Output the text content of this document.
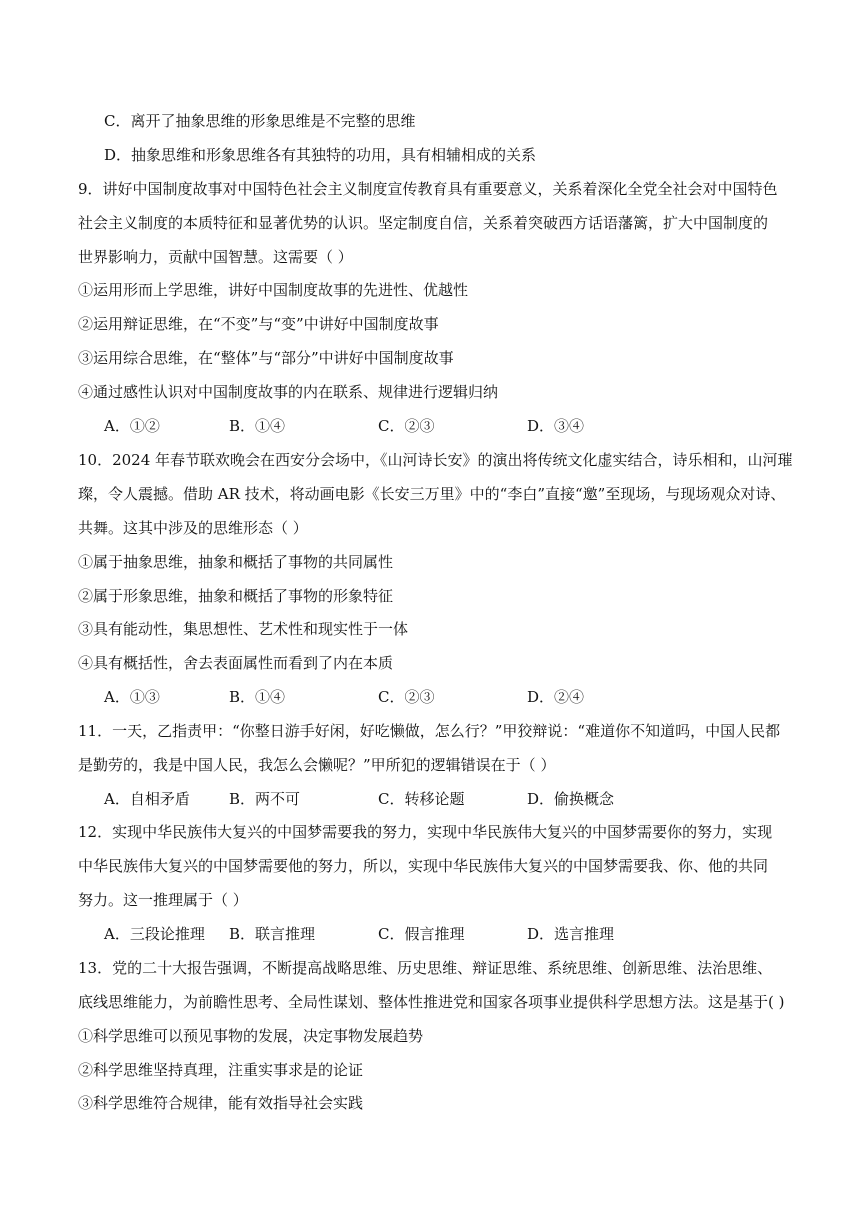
C．离开了抽象思维的形象思维是不完整的思维
D．抽象思维和形象思维各有其独特的功用，具有相辅相成的关系
9．讲好中国制度故事对中国特色社会主义制度宣传教育具有重要意义，关系着深化全党全社会对中国特色
社会主义制度的本质特征和显著优势的认识。坚定制度自信，关系着突破西方话语藩篱，扩大中国制度的
世界影响力，贡献中国智慧。这需要（ ）
①运用形而上学思维，讲好中国制度故事的先进性、优越性
②运用辩证思维，在“不变”与“变”中讲好中国制度故事
③运用综合思维，在“整体”与“部分”中讲好中国制度故事
④通过感性认识对中国制度故事的内在联系、规律进行逻辑归纳
A．①②	B．①④	C．②③	D．③④
10．2024 年春节联欢晚会在西安分会场中，《山河诗长安》的演出将传统文化虚实结合，诗乐相和，山河璀
璨，令人震撼。借助 AR 技术，将动画电影《长安三万里》中的“李白”直接“邀”至现场，与现场观众对诗、
共舞。这其中涉及的思维形态（ ）
①属于抽象思维，抽象和概括了事物的共同属性
②属于形象思维，抽象和概括了事物的形象特征
③具有能动性，集思想性、艺术性和现实性于一体
④具有概括性，舍去表面属性而看到了内在本质
A．①③	B．①④	C．②③	D．②④
11．一天，乙指责甲：“你整日游手好闲，好吃懒做，怎么行？”甲狡辩说：“难道你不知道吗，中国人民都
是勤劳的，我是中国人民，我怎么会懒呢？”甲所犯的逻辑错误在于（ ）
A．自相矛盾	B．两不可	C．转移论题	D．偷换概念
12．实现中华民族伟大复兴的中国梦需要我的努力，实现中华民族伟大复兴的中国梦需要你的努力，实现
中华民族伟大复兴的中国梦需要他的努力，所以，实现中华民族伟大复兴的中国梦需要我、你、他的共同
努力。这一推理属于（ ）
A．三段论推理 B．联言推理	C．假言推理	D．选言推理
13．党的二十大报告强调，不断提高战略思维、历史思维、辩证思维、系统思维、创新思维、法治思维、
底线思维能力，为前瞻性思考、全局性谋划、整体性推进党和国家各项事业提供科学思想方法。这是基于( )
①科学思维可以预见事物的发展，决定事物发展趋势
②科学思维坚持真理，注重实事求是的论证
③科学思维符合规律，能有效指导社会实践
